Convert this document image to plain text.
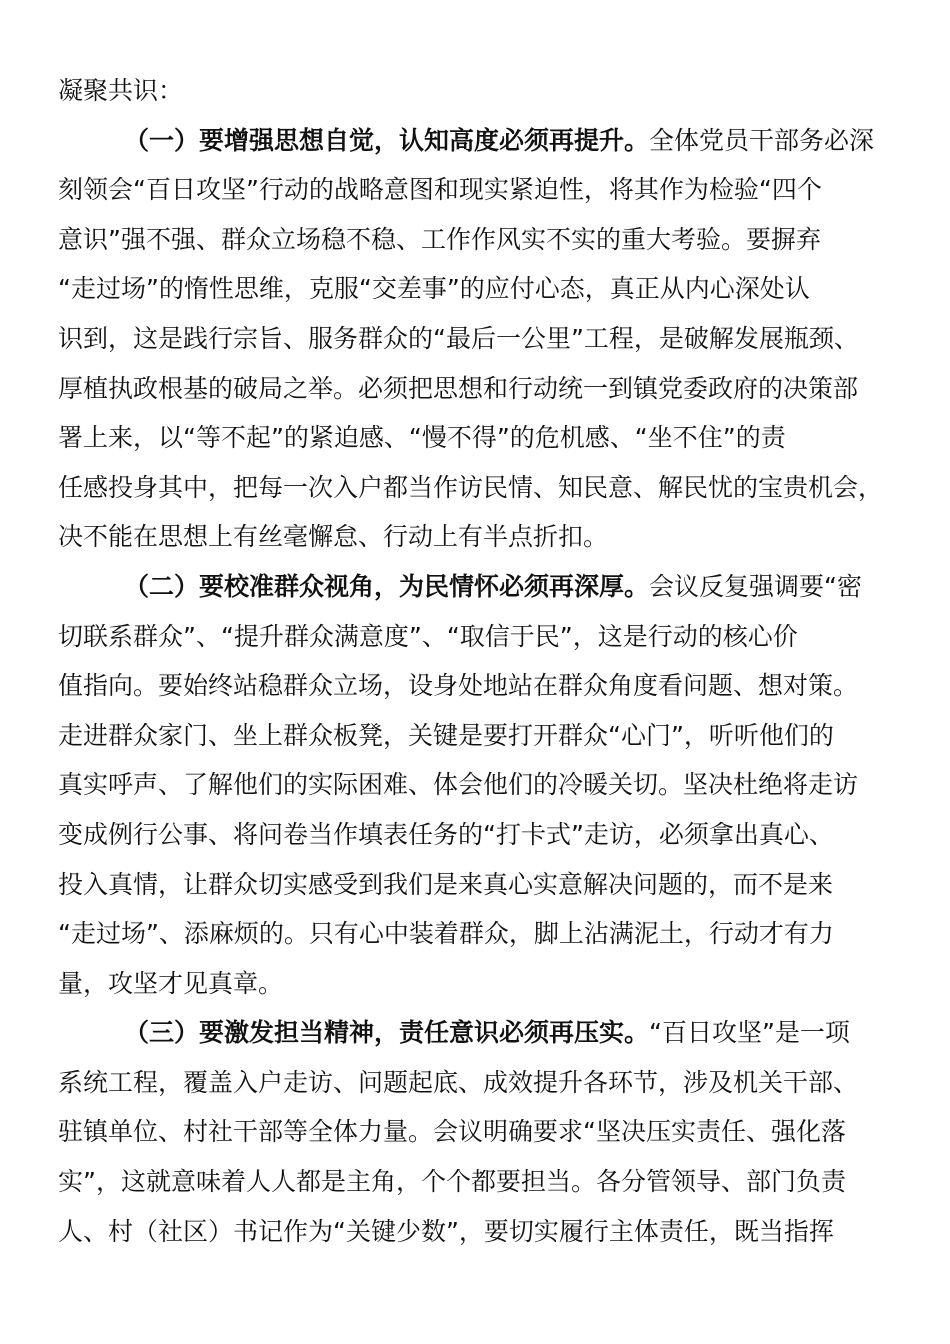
凝聚共识：
（一）要增强思想自觉，认知高度必须再提升。全体党员干部务必深
刻领会“百日攻坚”行动的战略意图和现实紧迫性，将其作为检验“四个
意识”强不强、群众立场稳不稳、工作作风实不实的重大考验。要摒弃
“走过场”的惰性思维，克服“交差事”的应付心态，真正从内心深处认
识到，这是践行宗旨、服务群众的“最后一公里”工程，是破解发展瓶颈、
厚植执政根基的破局之举。必须把思想和行动统一到镇党委政府的决策部
署上来，以“等不起”的紧迫感、“慢不得”的危机感、“坐不住”的责
任感投身其中，把每一次入户都当作访民情、知民意、解民忧的宝贵机会，
决不能在思想上有丝毫懈怠、行动上有半点折扣。
（二）要校准群众视角，为民情怀必须再深厚。会议反复强调要“密
切联系群众”、“提升群众满意度”、“取信于民”，这是行动的核心价
值指向。要始终站稳群众立场，设身处地站在群众角度看问题、想对策。
走进群众家门、坐上群众板凳，关键是要打开群众“心门”，听听他们的
真实呼声、了解他们的实际困难、体会他们的冷暖关切。坚决杜绝将走访
变成例行公事、将问卷当作填表任务的“打卡式”走访，必须拿出真心、
投入真情，让群众切实感受到我们是来真心实意解决问题的，而不是来
“走过场”、添麻烦的。只有心中装着群众，脚上沾满泥土，行动才有力
量，攻坚才见真章。
（三）要激发担当精神，责任意识必须再压实。“百日攻坚”是一项
系统工程，覆盖入户走访、问题起底、成效提升各环节，涉及机关干部、
驻镇单位、村社干部等全体力量。会议明确要求“坚决压实责任、强化落
实”，这就意味着人人都是主角，个个都要担当。各分管领导、部门负责
人、村（社区）书记作为“关键少数”，要切实履行主体责任，既当指挥
